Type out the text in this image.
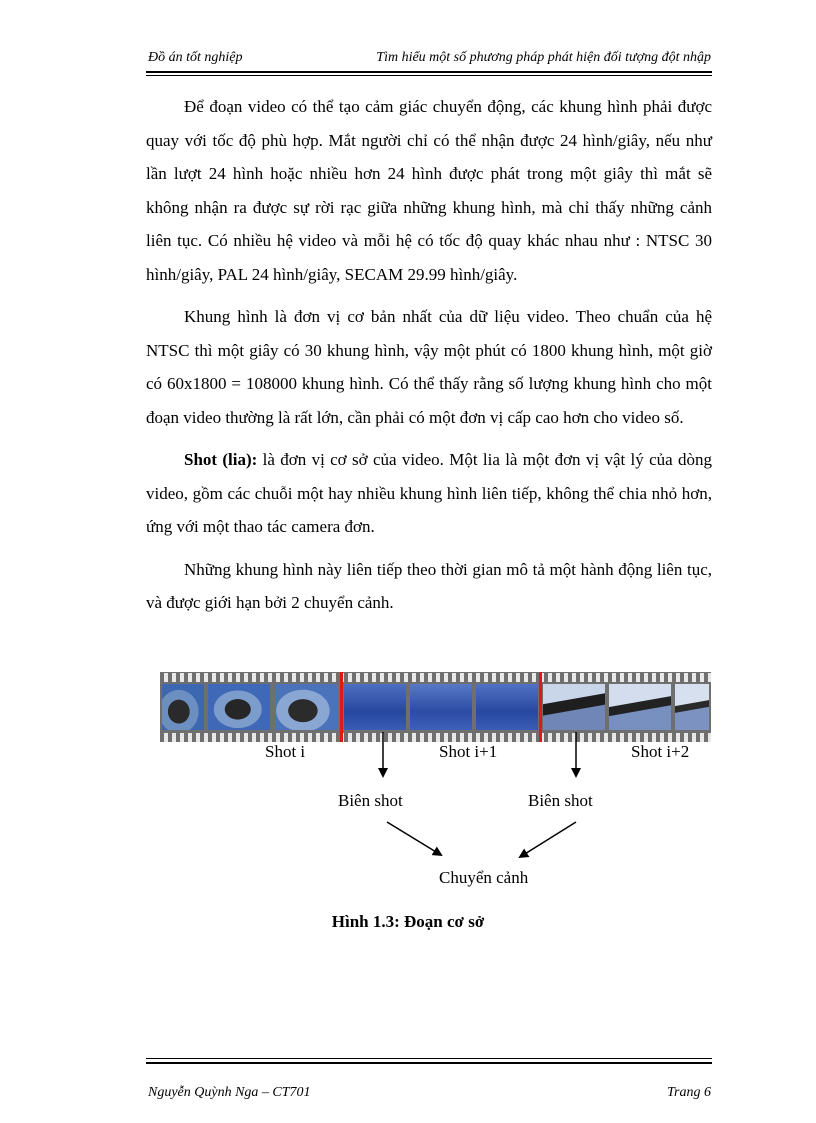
Đồ án tốt nghiệp	Tìm hiểu một số phương pháp phát hiện đối tượng đột nhập

Để đoạn video có thể tạo cảm giác chuyển động, các khung hình phải được quay với tốc độ phù hợp. Mắt người chỉ có thể nhận được 24 hình/giây, nếu như lần lượt 24 hình hoặc nhiều hơn 24 hình được phát trong một giây thì mắt sẽ không nhận ra được sự rời rạc giữa những khung hình, mà chỉ thấy những cảnh liên tục. Có nhiều hệ video và mỗi hệ có tốc độ quay khác nhau như : NTSC 30 hình/giây, PAL 24 hình/giây, SECAM 29.99 hình/giây.

Khung hình là đơn vị cơ bản nhất của dữ liệu video. Theo chuẩn của hệ NTSC thì một giây có 30 khung hình, vậy một phút có 1800 khung hình, một giờ có 60x1800 = 108000 khung hình. Có thể thấy rằng số lượng khung hình cho một đoạn video thường là rất lớn, cần phải có một đơn vị cấp cao hơn cho video số.

Shot (lia): là đơn vị cơ sở của video. Một lia là một đơn vị vật lý của dòng video, gồm các chuỗi một hay nhiều khung hình liên tiếp, không thể chia nhỏ hơn, ứng với một thao tác camera đơn.

Những khung hình này liên tiếp theo thời gian mô tả một hành động liên tục, và được giới hạn bởi 2 chuyển cảnh.

Shot i	Shot i+1	Shot i+2
Biên shot	Biên shot
Chuyển cảnh
Hình 1.3: Đoạn cơ sở
Nguyễn Quỳnh Nga – CT701	Trang 6
